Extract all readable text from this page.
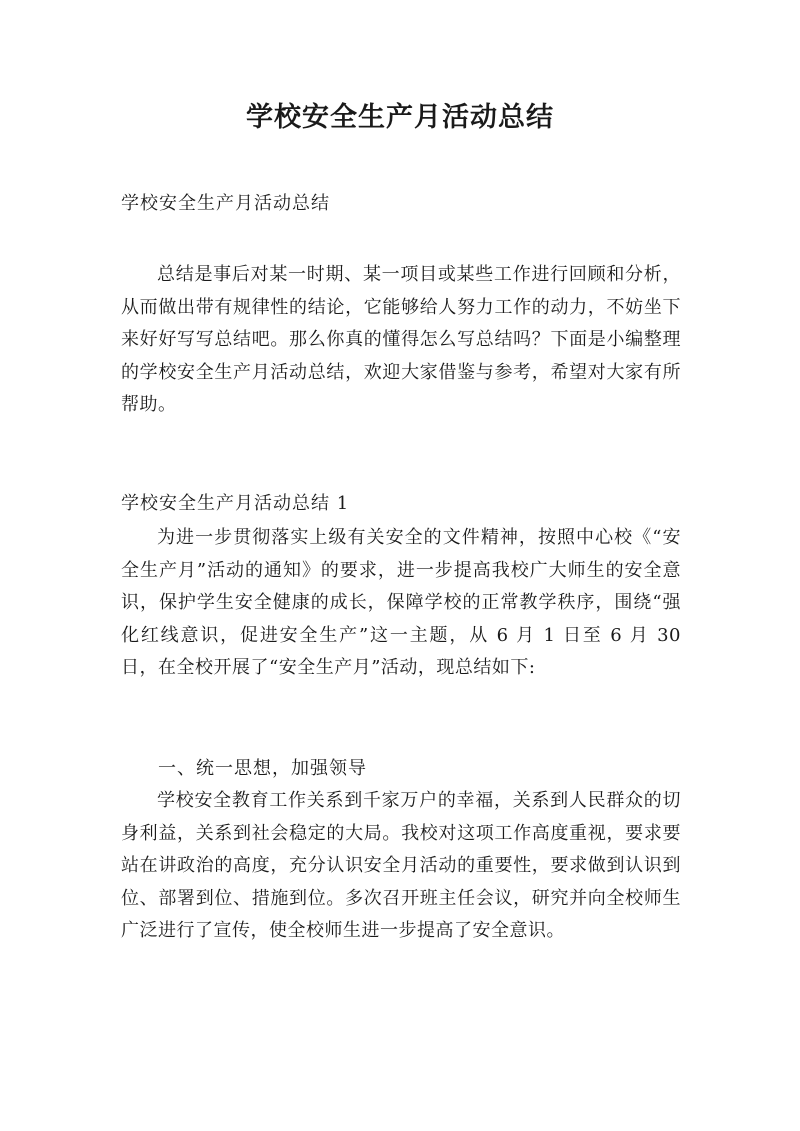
学校安全生产月活动总结

学校安全生产月活动总结

总结是事后对某一时期、某一项目或某些工作进行回顾和分析，从而做出带有规律性的结论，它能够给人努力工作的动力，不妨坐下来好好写写总结吧。那么你真的懂得怎么写总结吗？下面是小编整理的学校安全生产月活动总结，欢迎大家借鉴与参考，希望对大家有所帮助。

学校安全生产月活动总结 1

为进一步贯彻落实上级有关安全的文件精神，按照中心校《“安全生产月”活动的通知》的要求，进一步提高我校广大师生的安全意识，保护学生安全健康的成长，保障学校的正常教学秩序，围绕“强化红线意识，促进安全生产”这一主题，从 6 月 1 日至 6 月 30 日，在全校开展了“安全生产月”活动，现总结如下:

一、统一思想，加强领导

学校安全教育工作关系到千家万户的幸福，关系到人民群众的切身利益，关系到社会稳定的大局。我校对这项工作高度重视，要求要站在讲政治的高度，充分认识安全月活动的重要性，要求做到认识到位、部署到位、措施到位。多次召开班主任会议，研究并向全校师生广泛进行了宣传，使全校师生进一步提高了安全意识。
